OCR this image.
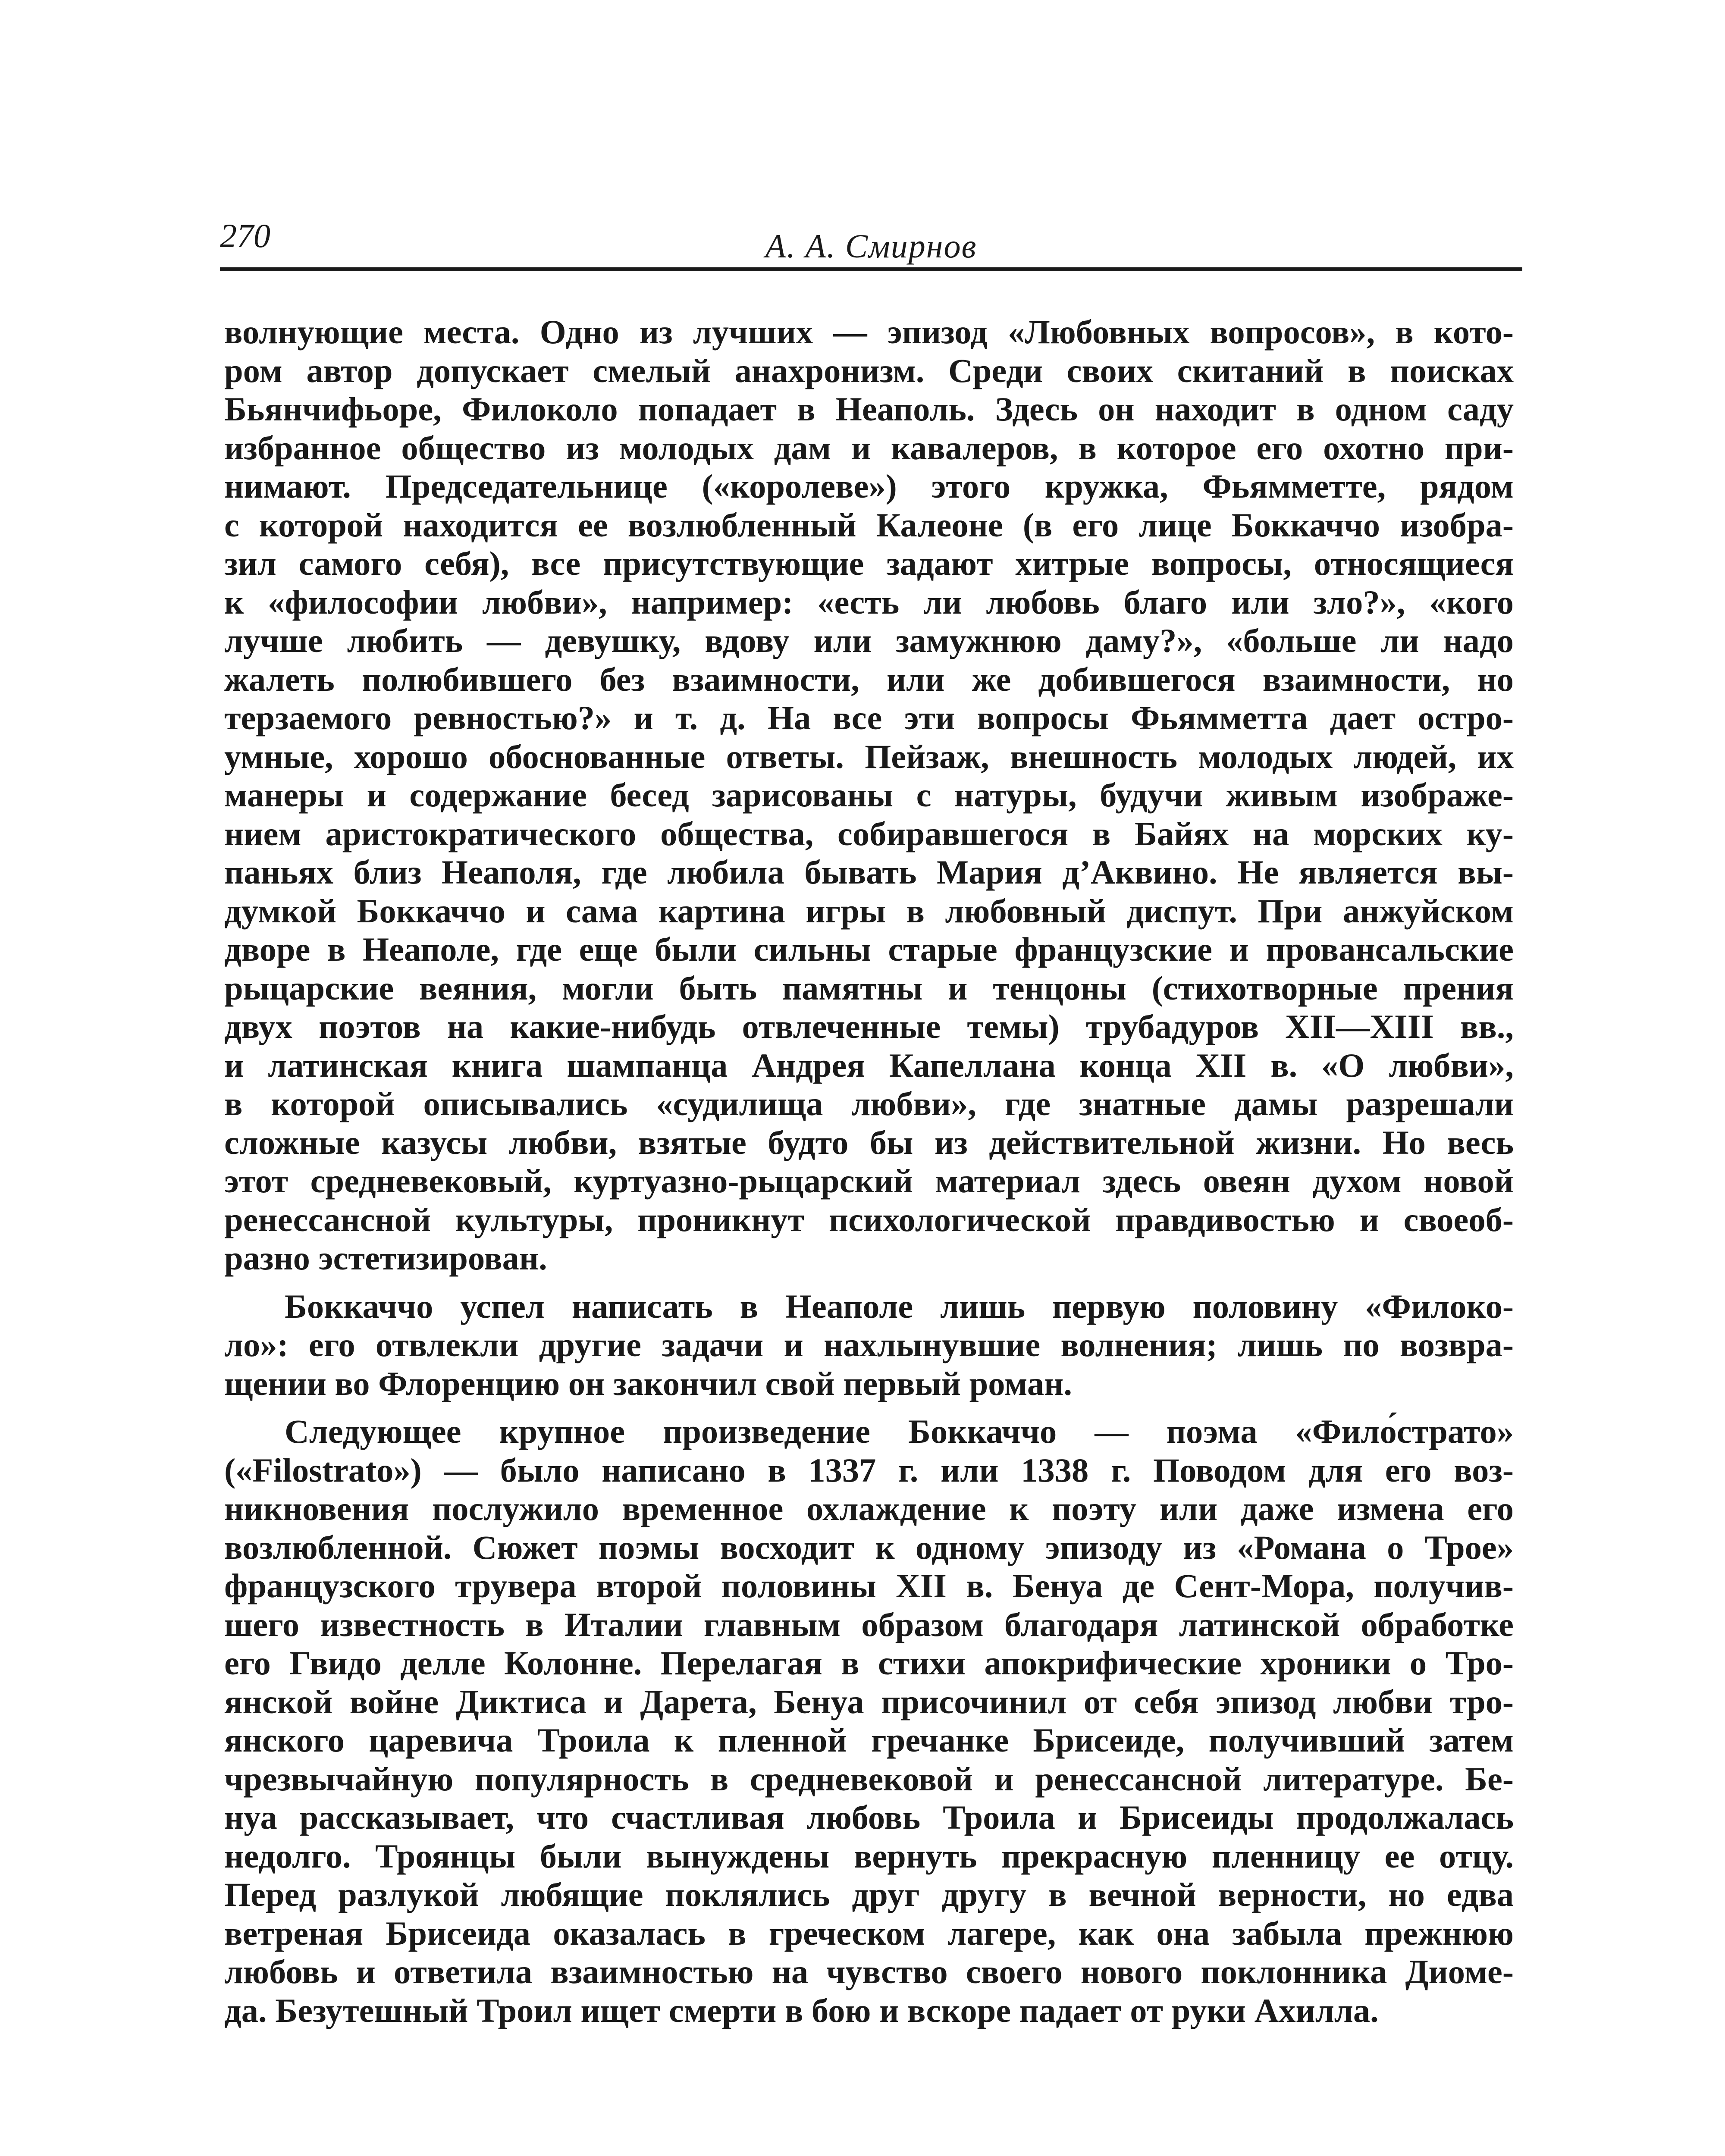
270	А. А. Смирнов

волнующие места. Одно из лучших — эпизод «Любовных вопросов», в кото-
ром автор допускает смелый анахронизм. Среди своих скитаний в поисках
Бьянчифьоре, Филоколо попадает в Неаполь. Здесь он находит в одном саду
избранное общество из молодых дам и кавалеров, в которое его охотно при-
нимают. Председательнице («королеве») этого кружка, Фьямметте, рядом
с которой находится ее возлюбленный Калеоне (в его лице Боккаччо изобра-
зил самого себя), все присутствующие задают хитрые вопросы, относящиеся
к «философии любви», например: «есть ли любовь благо или зло?», «кого
лучше любить — девушку, вдову или замужнюю даму?», «больше ли надо
жалеть полюбившего без взаимности, или же добившегося взаимности, но
терзаемого ревностью?» и т. д. На все эти вопросы Фьямметта дает остро-
умные, хорошо обоснованные ответы. Пейзаж, внешность молодых людей, их
манеры и содержание бесед зарисованы с натуры, будучи живым изображе-
нием аристократического общества, собиравшегося в Байях на морских ку-
паньях близ Неаполя, где любила бывать Мария д’Аквино. Не является вы-
думкой Боккаччо и сама картина игры в любовный диспут. При анжуйском
дворе в Неаполе, где еще были сильны старые французские и провансальские
рыцарские веяния, могли быть памятны и тенцоны (стихотворные прения
двух поэтов на какие-нибудь отвлеченные темы) трубадуров XII—XIII вв.,
и латинская книга шампанца Андрея Капеллана конца XII в. «О любви»,
в которой описывались «судилища любви», где знатные дамы разрешали
сложные казусы любви, взятые будто бы из действительной жизни. Но весь
этот средневековый, куртуазно-рыцарский материал здесь овеян духом новой
ренессансной культуры, проникнут психологической правдивостью и своеоб-
разно эстетизирован.

Боккаччо успел написать в Неаполе лишь первую половину «Филоко-
ло»: его отвлекли другие задачи и нахлынувшие волнения; лишь по возвра-
щении во Флоренцию он закончил свой первый роман.

Следующее крупное произведение Боккаччо — поэма «Фило́страто»
(«Filostrato») — было написано в 1337 г. или 1338 г. Поводом для его воз-
никновения послужило временное охлаждение к поэту или даже измена его
возлюбленной. Сюжет поэмы восходит к одному эпизоду из «Романа о Трое»
французского трувера второй половины XII в. Бенуа де Сент-Мора, получив-
шего известность в Италии главным образом благодаря латинской обработке
его Гвидо делле Колонне. Перелагая в стихи апокрифические хроники о Тро-
янской войне Диктиса и Дарета, Бенуа присочинил от себя эпизод любви тро-
янского царевича Троила к пленной гречанке Брисеиде, получивший затем
чрезвычайную популярность в средневековой и ренессансной литературе. Бе-
нуа рассказывает, что счастливая любовь Троила и Брисеиды продолжалась
недолго. Троянцы были вынуждены вернуть прекрасную пленницу ее отцу.
Перед разлукой любящие поклялись друг другу в вечной верности, но едва
ветреная Брисеида оказалась в греческом лагере, как она забыла прежнюю
любовь и ответила взаимностью на чувство своего нового поклонника Диоме-
да. Безутешный Троил ищет смерти в бою и вскоре падает от руки Ахилла.
